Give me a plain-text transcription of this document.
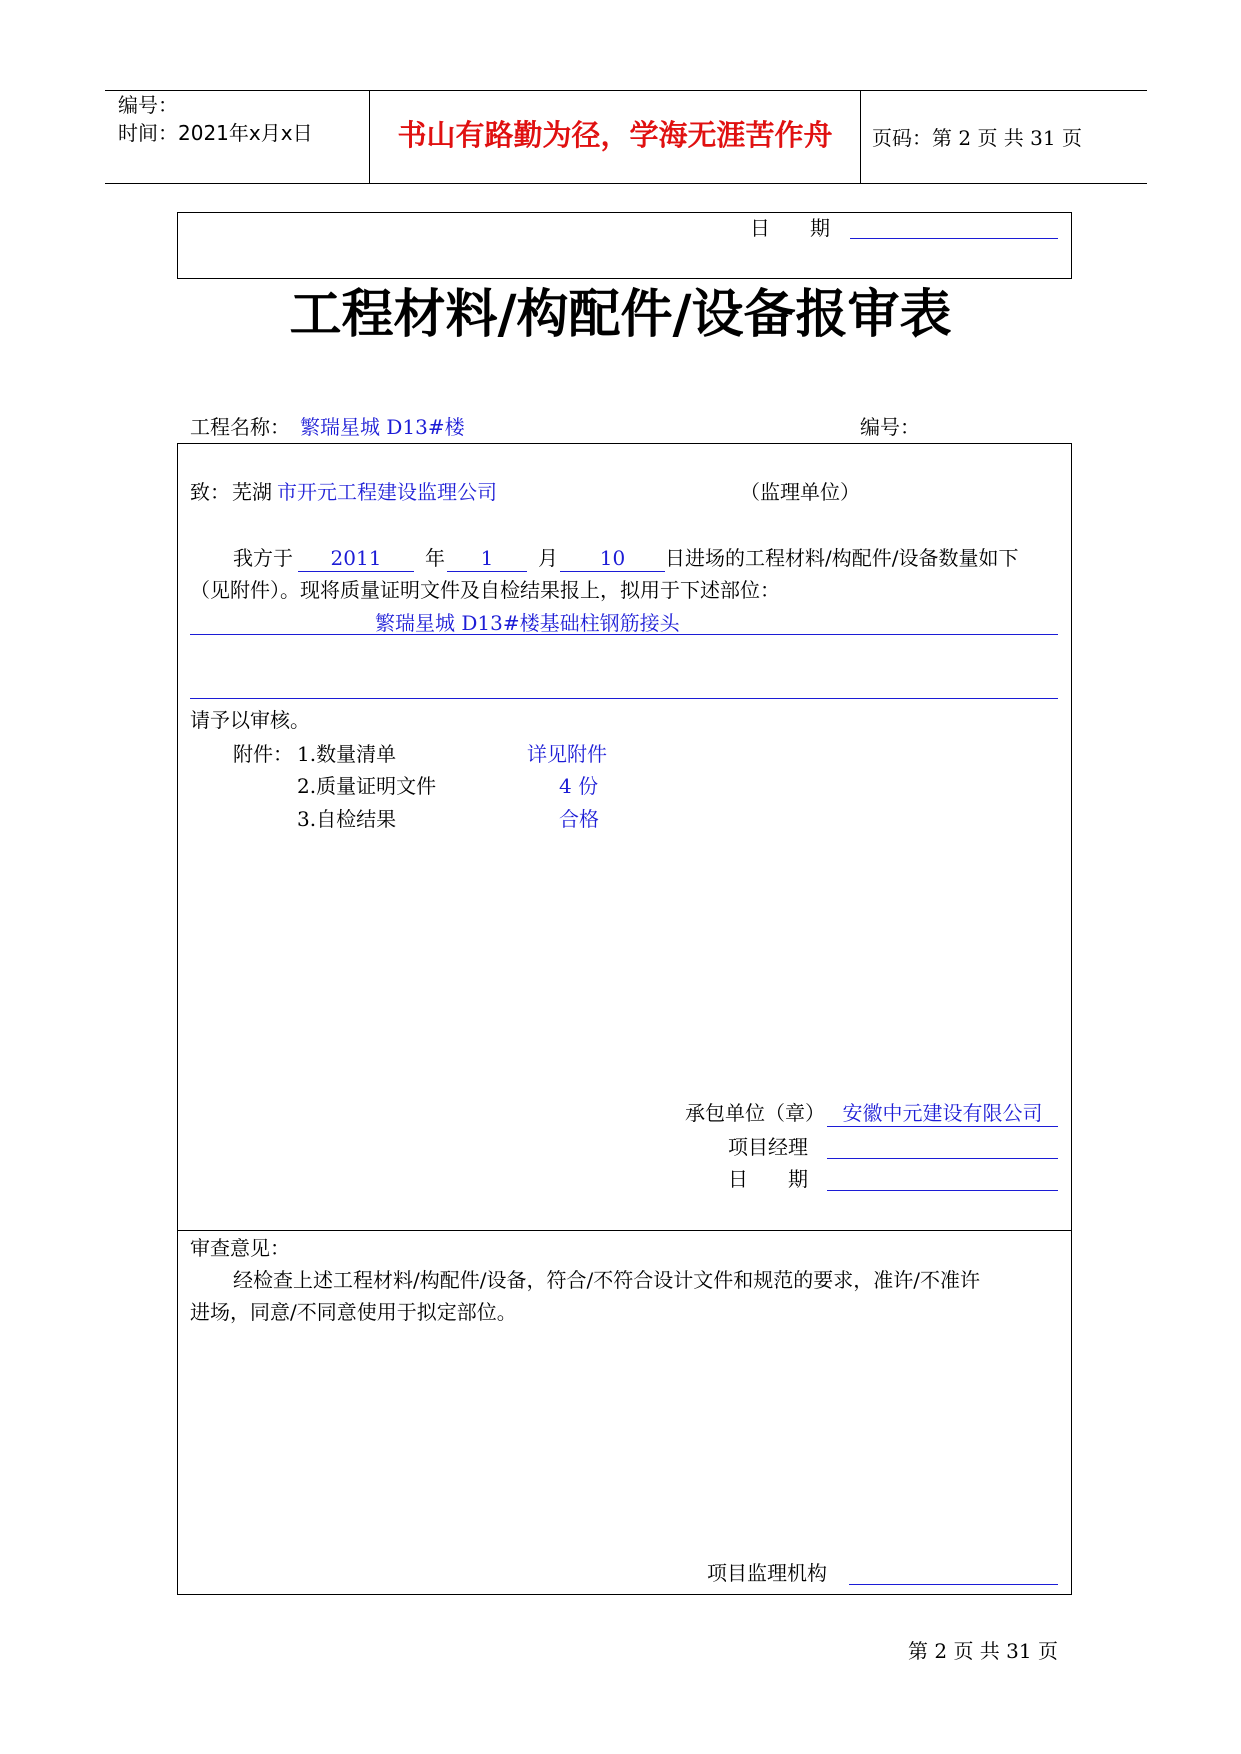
编号：
时间：2021年x月x日	书山有路勤为径，学海无涯苦作舟	页码：第 2 页 共 31 页
日　　期
工程材料/构配件/设备报审表
工程名称： 繁瑞星城 D13#楼	编号：
致： 芜湖 市开元工程建设监理公司	（监理单位）
我方于	2011	年	1	月	10	日进场的工程材料/构配件/设备数量如下
（见附件）。现将质量证明文件及自检结果报上，拟用于下述部位：
繁瑞星城 D13#楼基础柱钢筋接头
请予以审核。
附件： 1.数量清单	详见附件
2.质量证明文件	4 份
3.自检结果	合格
承包单位（章） 安徽中元建设有限公司
项目经理
日　　期
审查意见：
经检查上述工程材料/构配件/设备，符合/不符合设计文件和规范的要求，准许/不准许
进场，同意/不同意使用于拟定部位。
项目监理机构
第 2 页 共 31 页
